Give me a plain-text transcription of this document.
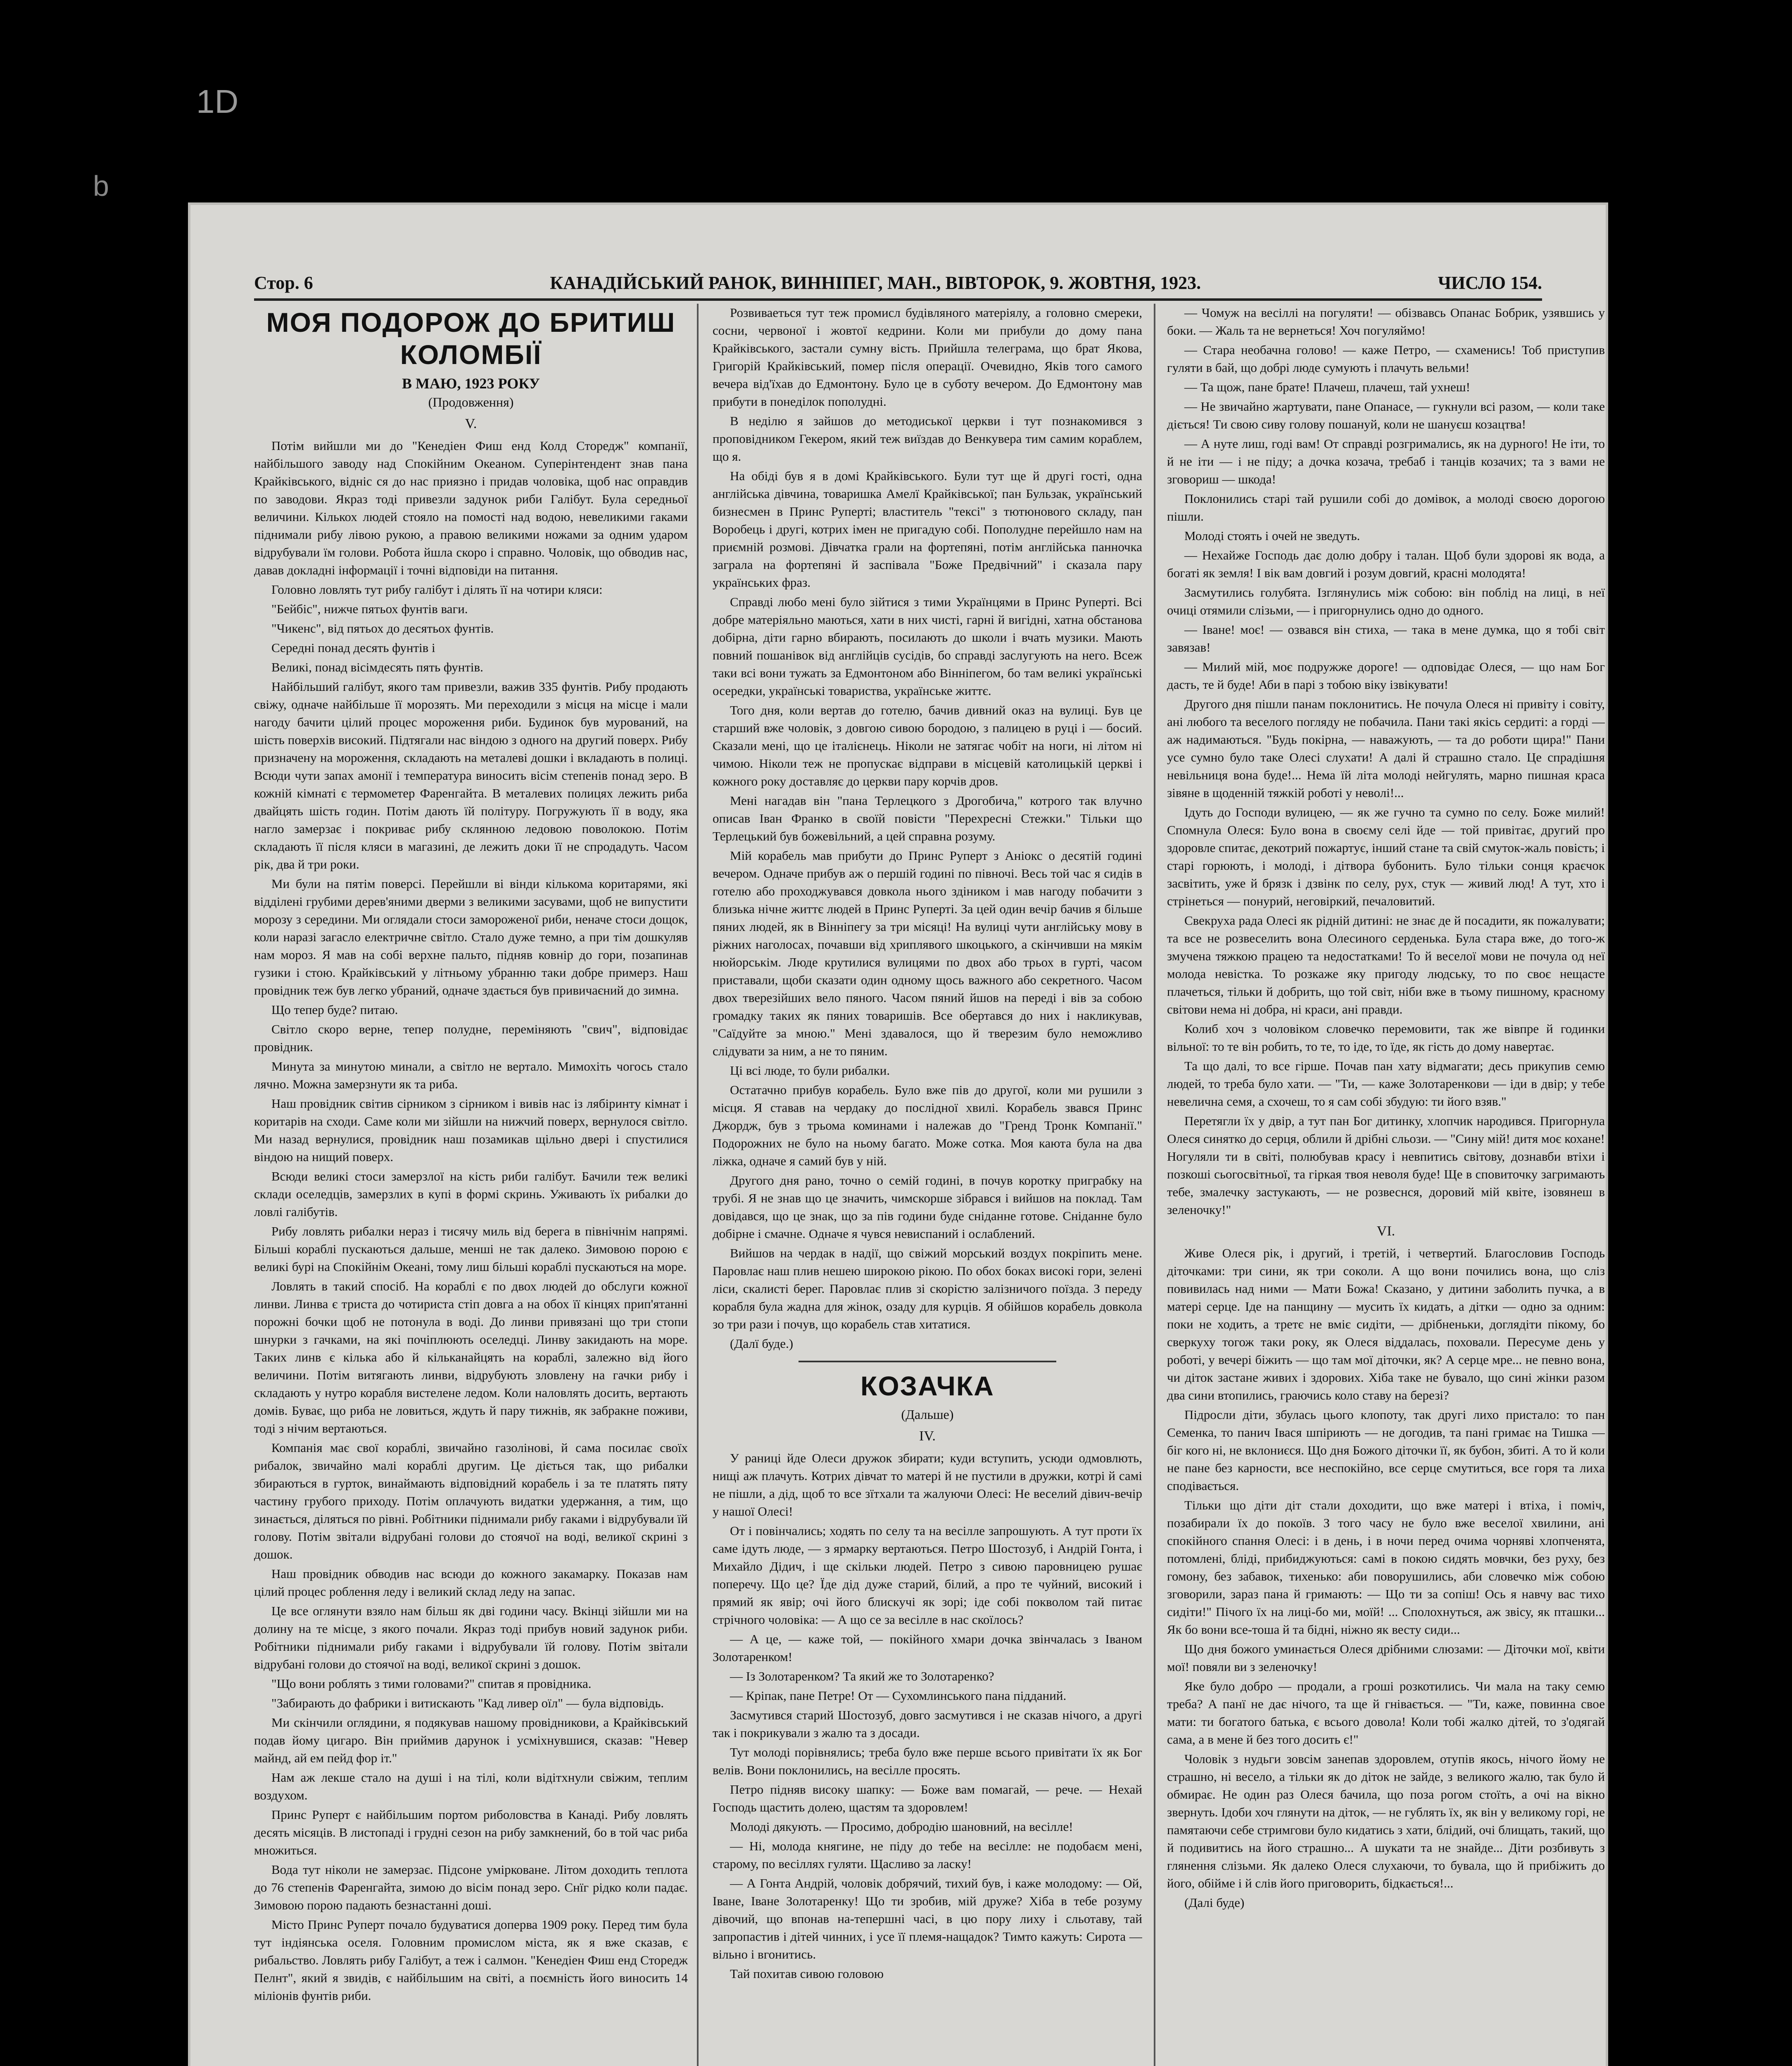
1D
b
Стор. 6	КАНАДІЙСЬКИЙ РАНОК, ВИННІПЕГ, МАН., ВІВТОРОК, 9. ЖОВТНЯ, 1923.	ЧИСЛО 154.
МОЯ ПОДОРОЖ ДО БРИТИШ КОЛОМБІЇ
В МАЮ, 1923 РОКУ
(Продовження)
V.

Потім вийшли ми до "Кенедіен Фиш енд Колд Сторедж" компанії, найбільшого заводу над Спокійним Океаном. Суперінтендент знав пана Крайківського, відніс ся до нас приязно і придав чоловіка, щоб нас оправдив по заводови. Якраз тоді привезли задунок риби Галібут. Була середньої величини. Кількох людей стояло на помості над водою, невеликими гаками піднимали рибу лівою рукою, а правою великими ножами за одним ударом відрубували їм голови. Робота йшла скоро і справно. Чоловік, що обводив нас, давав докладні інформації і точні відповіди на питання.

Головно ловлять тут рибу галібут і ділять її на чотири кляси:

"Бейбіс", нижче пятьох фунтів ваги.

"Чикенс", від пятьох до десятьох фунтів.

Середні понад десять фунтів і

Великі, понад вісімдесять пять фунтів.

Найбільший галібут, якого там привезли, важив 335 фунтів. Рибу продають свіжу, одначе найбільше її морозять. Ми переходили з місця на місце і мали нагоду бачити цілий процес мороження риби. Будинок був мурований, на шість поверхів високий. Підтягали нас віндою з одного на другий поверх. Рибу призначену на мороження, складають на металеві дошки і вкладають в полиці. Всюди чути запах амонії і температура виносить вісім степенів понад зеро. В кожній кімнаті є термометер Фаренгайта. В металевих полицях лежить риба двайцять шість годин. Потім дають їй політуру. Погружують її в воду, яка нагло замерзає і покриває рибу склянною ледовою поволокою. Потім складають її після кляси в магазині, де лежить доки її не спродадуть. Часом рік, два й три роки.

Ми були на пятім поверсі. Перейшли ві вінди кількома коритарями, які відділені грубими дерев'яними дверми з великими засувами, щоб не випустити морозу з середини. Ми оглядали стоси замороженої риби, неначе стоси дощок, коли наразі загасло електричне світло. Стало дуже темно, а при тім дошкуляв нам мороз. Я мав на собі верхне пальто, підняв ковнір до гори, позапинав гузики і стою. Крайківський у літньому убранню таки добре примерз. Наш провідник теж був легко убраний, одначе здається був привичаєний до зимна.

Що тепер буде? питаю.

Світло скоро верне, тепер полудне, переміняють "свич", відповідає провідник.

Минута за минутою минали, а світло не вертало. Мимохіть чогось стало лячно. Можна замерзнути як та риба.

Наш провідник світив сірником з сірником і вивів нас із лябіринту кімнат і коритарів на сходи. Саме коли ми зійшли на нижчий поверх, вернулося світло. Ми назад вернулися, провідник наш позамикав щільно двері і спустилися віндою на нищий поверх.

Всюди великі стоси замерзлої на кість риби галібут. Бачили теж великі склади оселедців, замерзлих в купі в формі скринь. Уживають їх рибалки до ловлі галібутів.

Рибу ловлять рибалки нераз і тисячу миль від берега в північнім напрямі. Більші кораблі пускаються дальше, менші не так далеко. Зимовою порою є великі бурі на Спокійнім Океані, тому лиш більші кораблі пускаються на море.

Ловлять в такий спосіб. На кораблі є по двох людей до обслуги кожної линви. Линва є триста до чотириста стіп довга а на обох її кінцях прип'ятанні порожні бочки щоб не потонула в воді. До линви привязані що три стопи шнурки з гачками, на які почіплюють оселедці. Линву закидають на море. Таких линв є кілька або й кільканайцять на кораблі, залежно від його величини. Потім витягають линви, відрубують зловлену на гачки рибу і складають у нутро корабля вистелене ледом. Коли наловлять досить, вертають домів. Буває, що риба не ловиться, ждуть й пару тижнів, як забракне поживи, тоді з нічим вертаються.

Компанія має свої кораблі, звичайно газолінові, й сама посилає своїх рибалок, звичайно малі кораблі другим. Це діється так, що рибалки збираються в гурток, винаймають відповідний корабель і за те платять пяту частину грубого приходу. Потім оплачують видатки удержання, а тим, що зинається, діляться по рівні. Робітники піднимали рибу гаками і відрубували їй голову. Потім звітали відрубані голови до стоячої на воді, великої скрині з дошок.

Наш провідник обводив нас всюди до кожного закамарку. Показав нам цілий процес роблення леду і великий склад леду на запас.

Це все оглянути взяло нам більш як дві години часу. Вкінці зійшли ми на долину на те місце, з якого почали. Якраз тоді прибув новий задунок риби. Робітники піднимали рибу гаками і відрубували їй голову. Потім звітали відрубані голови до стоячої на воді, великої скрині з дошок.

"Що вони роблять з тими головами?" спитав я провідника.

"Забирають до фабрики і витискають "Кад ливер оїл" — була відповідь.

Ми скінчили оглядини, я подякував нашому провідникови, а Крайківський подав йому цигаро. Він приймив дарунок і усміхнувшися, сказав: "Невер майнд, ай ем пейд фор іт."

Нам аж лекше стало на душі і на тілі, коли відітхнули свіжим, теплим воздухом.

Принс Руперт є найбільшим портом риболовства в Канаді. Рибу ловлять десять місяців. В листопаді і грудні сезон на рибу замкнений, бо в той час риба множиться.

Вода тут ніколи не замерзає. Підсоне умірковане. Літом доходить теплота до 76 степенів Фаренгайта, зимою до вісім понад зеро. Снїг рідко коли падає. Зимовою порою падають безнастанні доші.

Місто Принс Руперт почало будуватися доперва 1909 року. Перед тим була тут індіянська оселя. Головним промислом міста, як я вже сказав, є рибальство. Ловлять рибу Галібут, а теж і салмон. "Кенедіен Фиш енд Сторедж Пелнт", який я звидів, є найбільшим на світі, а поємність його виносить 14 міліонів фунтів риби.

Розвиваеться тут теж промисл будівляного матеріялу, а головно смереки, сосни, червоної і жовтої кедрини. Коли ми прибули до дому пана Крайківського, застали сумну вість. Прийшла телеграма, що брат Якова, Григорій Крайківський, помер після операції. Очевидно, Яків того самого вечера від'їхав до Едмонтону. Було це в суботу вечером. До Едмонтону мав прибути в понеділок пополудні.

В неділю я зайшов до методиської церкви і тут познакомився з проповідником Гекером, який теж виїздав до Венкувера тим самим кораблем, що я.

На обіді був я в домі Крайківського. Були тут ще й другі гості, одна англійська дівчина, товаришка Амелї Крайківської; пан Бульзак, український бизнесмен в Принс Руперті; властитель "тексі" з тютюнового складу, пан Воробець і другі, котрих імен не пригадую собі. Пополудне перейшло нам на приємній розмові. Дівчатка грали на фортепяні, потім англійська панночка заграла на фортепяні й заспівала "Боже Предвічний" і сказала пару українських фраз.

Справді любо мені було зійтися з тими Українцями в Принс Руперті. Всі добре матеріяльно маються, хати в них чисті, гарні й вигідні, хатна обстанова добірна, діти гарно вбирають, посилають до школи і вчать музики. Мають повний пошанівок від англійців сусідів, бо справді заслугують на него. Всеж таки всі вони тужать за Едмонтоном або Вінніпегом, бо там великі українські осередки, українські товариства, українське життє.

Того дня, коли вертав до готелю, бачив дивний оказ на вулиці. Був це старший вже чоловік, з довгою сивою бородою, з палицею в руці і — босий. Сказали мені, що це італієнець. Ніколи не затягає чобіт на ноги, ні літом ні чимою. Ніколи теж не пропускає відправи в місцевій католицькій церкві і кожного року доставляє до церкви пару корчів дров.

Мені нагадав він "пана Терлецкого з Дрогобича," котрого так влучно описав Іван Франко в своїй повісти "Перехресні Стежки." Тільки що Терлецький був божевільний, а цей справна розуму.

Мій корабель мав прибути до Принс Руперт з Аніокс о десятій годині вечером. Одначе прибув аж о першій годині по півночі. Весь той час я сидів в готелю або проходжувався довкола нього здіником і мав нагоду побачити з близька нічне життє людей в Принс Руперті. За цей один вечір бачив я більше пяних людей, як в Вінніпегу за три місяці! На вулиці чути англійську мову в ріжних наголосах, почавши від хриплявого шкоцького, а скінчивши на мякім нюйорськім. Люде крутилися вулицями по двох або трьох в гурті, часом приставали, щоби сказати один одному щось важного або секретного. Часом двох тверезійших вело пяного. Часом пяний йшов на переді і вів за собою громадку таких як пяних товаришів. Все обертався до них і накликував, "Саїдуйте за мною." Мені здавалося, що й тверезим було неможливо слідувати за ним, а не то пяним.

Ці всі люде, то були рибалки.

Остатачно прибув корабель. Було вже пів до другої, коли ми рушили з місця. Я ставав на чердаку до послідної хвилі. Корабель звався Принс Джордж, був з трьома коминами і належав до "Гренд Тронк Компанії." Подорожних не було на ньому багато. Може сотка. Моя каюта була на два ліжка, одначе я самий був у ній.

Другого дня рано, точно о семій годині, в почув коротку приграбку на трубі. Я не знав що це значить, чимскорше зібрався і вийшов на поклад. Там довідався, що це знак, що за пів години буде сніданне готове. Сніданне було добірне і смачне. Одначе я чувся невиспаний і ослаблений.

Вийшов на чердак в надії, що свіжий морський воздух покріпить мене. Паровлає наш плив нешею широкою рікою. По обох боках високі гори, зелені ліси, скалисті берег. Паровлає плив зі скорістю залізничого поїзда. З переду корабля була жадна для жінок, озаду для курців. Я обійшов корабель довкола зо три рази і почув, що корабель став хитатися.

(Далї буде.)

КОЗАЧКА
(Дальше)
IV.

У раниці йде Олеси дружок збирати; куди вступить, усюди одмовлють, нищі аж плачуть. Котрих дівчат то матері й не пустили в дружки, котрі й самі не пішли, а дід, щоб то все зїтхали та жалуючи Олесі: Не веселий дівич-вечір у нашої Олесі!

От і повінчались; ходять по селу та на весілле запрошують. А тут проти їх саме ідуть люде, — з ярмарку вертаються. Петро Шостозуб, і Андрій Гонта, і Михайло Дідич, і ще скільки людей. Петро з сивою паровницею рушає поперечу. Що це? Їде дід дуже старий, білий, а про те чуйний, високий і прямий як явір; очі його блискучі як зорі; іде собі покволом тай питає стрічного чоловіка: — А що се за весілле в нас скоїлось?

— А це, — каже той, — покійного хмари дочка звінчалась з Іваном Золотаренком!

— Із Золотаренком? Та який же то Золотаренко?

— Кріпак, пане Петре! От — Сухомлинського пана підданий.

Засмутився старий Шостозуб, довго засмутився і не сказав нічого, а другі так і покрикували з жалю та з досади.

Тут молоді порівнялись; треба було вже перше всього привітати їх як Бог велів. Вони поклонились, на весілле просять.

Петро підняв високу шапку: — Боже вам помагай, — рече. — Нехай Господь щастить долею, щастям та здоровлем!

Молоді дякують. — Просимо, добродію шановний, на весілле!

— Ні, молода княгине, не піду до тебе на весілле: не подобаєм мені, старому, по весіллях гуляти. Щасливо за ласку!

— А Гонта Андрій, чоловік добрячий, тихий був, і каже молодому: — Ой, Іване, Іване Золотаренку! Що ти зробив, мій друже? Хіба в тебе розуму дівочий, що впонав на-тепершні часі, в цю пору лиху і сльотаву, тай запропастив і дітей чинних, і усе її племя-нащадок? Тимто кажуть: Сирота — вільно і вгонитись.

Тай похитав сивою головою

— Чомуж на весіллі на погуляти! — обізвавсь Опанас Бобрик, узявшись у боки. — Жаль та не вернеться! Хоч погуляймо!

— Стара необачна голово! — каже Петро, — схаменись! Тоб приступив гуляти в бай, що добрі люде сумують і плачуть вельми!

— Та щож, пане брате! Плачеш, плачеш, тай ухнеш!

— Не звичайно жартувати, пане Опанасе, — гукнули всі разом, — коли таке діється! Ти свою сиву голову пошануй, коли не шануєш козацтва!

— А нуте лиш, годі вам! От справді розгримались, як на дурного! Не іти, то й не іти — і не піду; а дочка козача, требаб і танців козачих; та з вами не зговориш — шкода!

Поклонились старі тай рушили собі до домівок, а молоді своєю дорогою пішли.

Молоді стоять і очей не зведуть.

— Нехайже Господь дає долю добру і талан. Щоб були здорові як вода, а богаті як земля! І вік вам довгий і розум довгий, красні молодята!

Засмутились голубята. Ізглянулись між собою: він поблід на лиці, в неї очиці отямили слізьми, — і пригорнулись одно до одного.

— Іване! моє! — озвався він стиха, — така в мене думка, що я тобі світ завязав!

— Милий мій, моє подружже дороге! — одповідає Олеся, — що нам Бог дасть, те й буде! Аби в парі з тобою віку ізвікувати!

Другого дня пішли панам поклонитись. Не почула Олеся ні привіту і совіту, ані любого та веселого погляду не побачила. Пани такі якісь сердиті: а горді — аж надимаються. "Будь покірна, — наважують, — та до роботи щира!" Пани усе сумно було таке Олесі слухати! А далі й страшно стало. Це спрадішня невільниця вона буде!... Нема їй літа молоді нейгулять, марно пишная краса зівяне в щоденній тяжкій роботі у неволі!...

Ідуть до Господи вулицею, — як же гучно та сумно по селу. Боже милий! Спомнула Олеся: Було вона в своєму селі йде — той привітає, другий про здоровле спитає, декотрий пожартує, інший стане та свій смуток-жаль повість; і старі горюють, і молоді, і дітвора бубонить. Було тільки сонця краєчок засвітить, уже й брязк і дзвінк по селу, рух, стук — живий люд! А тут, хто і стрінеться — понурий, неговіркий, печаловитий.

Свекруха рада Олесі як рідній дитині: не знає де й посадити, як пожалувати; та все не розвеселить вона Олесиного серденька. Була стара вже, до того-ж змучена тяжкою працею та недостатками! То й веселої мови не почула од неї молода невістка. То розкаже яку пригоду людську, то по своє нещасте плачеться, тільки й добрить, що той світ, ніби вже в тьому пишному, красному світови нема ні добра, ні краси, ані правди.

Колиб хоч з чоловіком словечко перемовити, так же вівпре й годинки вільної: то те він робить, то те, то іде, то їде, як гість до дому навертає.

Та що далі, то все гірше. Почав пан хату відмагати; десь прикупив семю людей, то треба було хати. — "Ти, — каже Золотаренкови — іди в двір; у тебе невелична семя, а схочеш, то я сам собі збудую: ти його взяв."

Перетягли їх у двір, а тут пан Бог дитинку, хлопчик народився. Пригорнула Олеся синятко до серця, облили й дрібні сльози. — "Сину мій! дитя моє кохане! Ногуляли ти в світі, полюбував красу і невпитись світову, дознавби втіхи і позкоші сьогосвітньої, та гіркая твоя неволя буде! Ще в сповиточку загримають тебе, змалечку застукають, — не розвеснся, доровий мій квіте, ізовянеш в зеленочку!"

VI.

Живе Олеся рік, і другий, і третій, і четвертий. Благословив Господь діточками: три сини, як три соколи. А що вони почились вона, що сліз повивилась над ними — Мати Божа! Сказано, у дитини заболить пучка, а в матері серце. Іде на панщину — мусить їх кидать, а дітки — одно за одним: поки не ходить, а третє не вміє сидіти, — дрібненьки, доглядіти пікому, бо сверкуху тогож таки року, як Олеся віддалась, поховали. Пересуме день у роботі, у вечері біжить — що там мої діточки, як? А серце мре... не певно вона, чи діток застане живих і здорових. Хіба таке не бувало, що сині жінки разом два сини втопились, граючись коло ставу на березі?

Підросли діти, збулась цього клопоту, так другі лихо пристало: то пан Семенка, то панич Івася шпіриють — не догодив, та пані гримає на Тишка — біг кого ні, не вклониєся. Що дня Божого діточки її, як бубон, збиті. А то й коли не пане без карности, все неспокійно, все серце смутиться, все горя та лиха сподівається.

Тільки що діти діт стали доходити, що вже матері і втіха, і поміч, позабирали їх до покоїв. З того часу не було вже веселої хвилини, ані спокійного спання Олесі: і в день, і в ночи перед очима чорняві хлопченята, потомлені, бліді, прибиджуються: самі в покою сидять мовчки, без руху, без гомону, без забавок, тихенько: аби поворушились, аби словечко між собою зговорили, зараз пана й гримають: — Що ти за сопіш! Ось я навчу вас тихо сидіти!" Пічого їх на лиці-бо ми, моїй! ... Сполохнуться, аж звісу, як пташки... Як бо вони все-тоша й та бідні, ніжно як весту сиди...

Що дня божого уминається Олеся дрібними слюзами: — Діточки мої, квіти мої! повяли ви з зеленочку!

Яке було добро — продали, а гроші розкотились. Чи мала на таку семю треба? А панї не дає нічого, та ще й гнівається. — "Ти, каже, повинна свое мати: ти богатого батька, є всього довола! Коли тобі жалко дітей, то з'одягай сама, а в мене й без того досить є!"

Чоловік з нудьги зовсім занепав здоровлем, отупів якось, нічого йому не страшно, ні весело, а тільки як до діток не зайде, з великого жалю, так було й обмирає. Не один раз Олеся бачила, що поза рогом стоїть, а очі на вікно звернуть. Ідоби хоч глянути на діток, — не гублять їх, як він у великому горі, не памятаючи себе стримгови було кидатись з хати, блідий, очі блищать, такий, що й подивитись на його страшно... А шукати та не знайде... Діти розбивуть з глянення слізьми. Як далеко Олеся слухаючи, то бувала, що й прибіжить до його, обійме і й слів його приговорить, бідкається!...

(Далі буде)
